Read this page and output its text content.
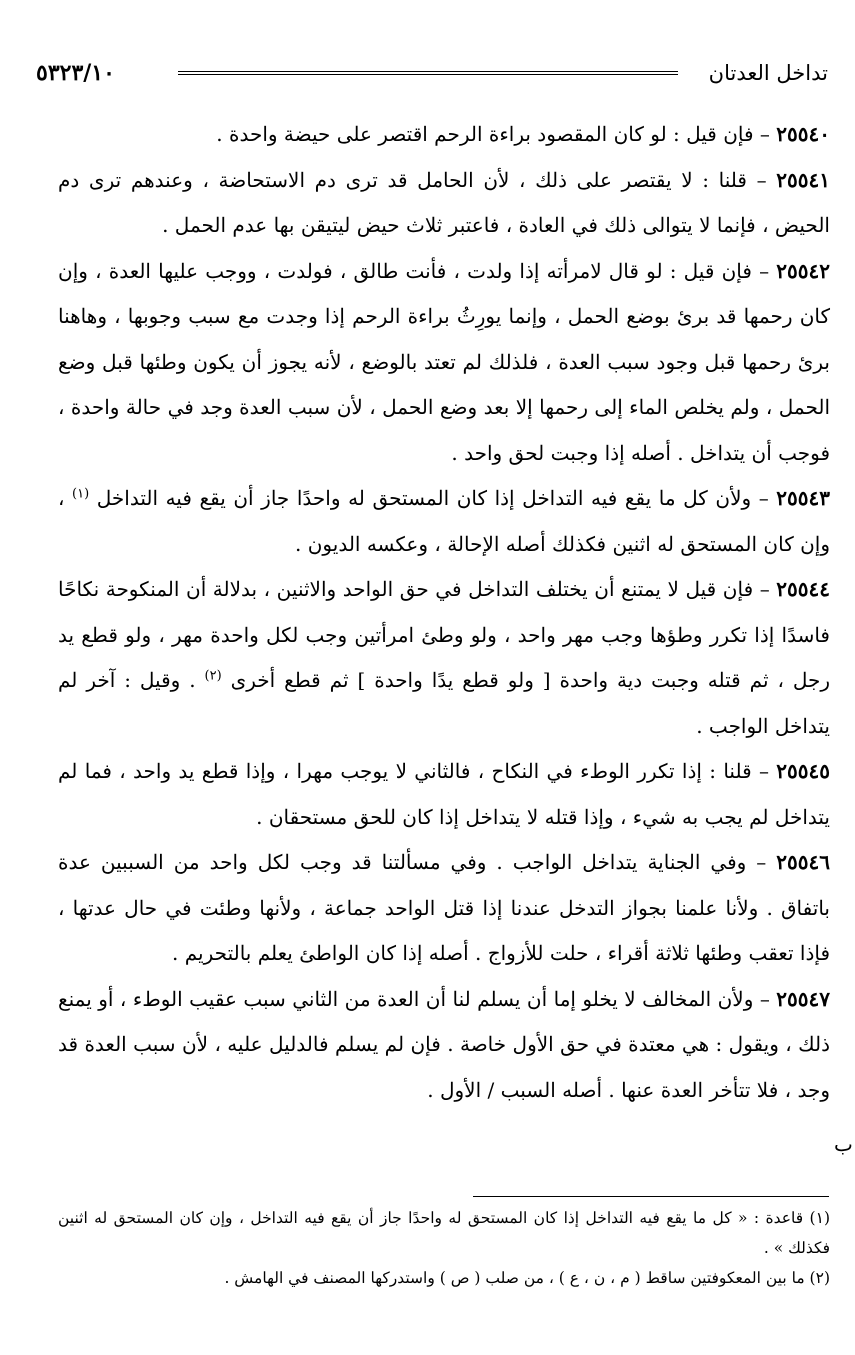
٥٣٢٣/١٠	تداخل العدتان

٢٥٥٤٠ – فإن قيل : لو كان المقصود براءة الرحم اقتصر على حيضة واحدة .

٢٥٥٤١ – قلنا : لا يقتصر على ذلك ، لأن الحامل قد ترى دم الاستحاضة ، وعندهم ترى دم الحيض ، فإنما لا يتوالى ذلك في العادة ، فاعتبر ثلاث حيض ليتيقن بها عدم الحمل .

٢٥٥٤٢ – فإن قيل : لو قال لامرأته إذا ولدت ، فأنت طالق ، فولدت ، ووجب عليها العدة ، وإن كان رحمها قد برئ بوضع الحمل ، وإنما يورِثُ براءة الرحم إذا وجدت مع سبب وجوبها ، وهاهنا برئ رحمها قبل وجود سبب العدة ، فلذلك لم تعتد بالوضع ، لأنه يجوز أن يكون وطئها قبل وضع الحمل ، ولم يخلص الماء إلى رحمها إلا بعد وضع الحمل ، لأن سبب العدة وجد في حالة واحدة ، فوجب أن يتداخل . أصله إذا وجبت لحق واحد .

٢٥٥٤٣ – ولأن كل ما يقع فيه التداخل إذا كان المستحق له واحدًا جاز أن يقع فيه التداخل $^{(١)}$ ، وإن كان المستحق له اثنين فكذلك أصله الإحالة ، وعكسه الديون .

٢٥٥٤٤ – فإن قيل لا يمتنع أن يختلف التداخل في حق الواحد والاثنين ، بدلالة أن المنكوحة نكاحًا فاسدًا إذا تكرر وطؤها وجب مهر واحد ، ولو وطئ امرأتين وجب لكل واحدة مهر ، ولو قطع يد رجل ، ثم قتله وجبت دية واحدة [ ولو قطع يدًا واحدة ] ثم قطع أخرى $^{(٢)}$ . وقيل : آخر لم يتداخل الواجب .

٢٥٥٤٥ – قلنا : إذا تكرر الوطء في النكاح ، فالثاني لا يوجب مهرا ، وإذا قطع يد واحد ، فما لم يتداخل لم يجب به شيء ، وإذا قتله لا يتداخل إذا كان للحق مستحقان .

٢٥٥٤٦ – وفي الجناية يتداخل الواجب . وفي مسألتنا قد وجب لكل واحد من السببين عدة باتفاق . ولأنا علمنا بجواز التدخل عندنا إذا قتل الواحد جماعة ، ولأنها وطئت في حال عدتها ، فإذا تعقب وطئها ثلاثة أقراء ، حلت للأزواج . أصله إذا كان الواطئ يعلم بالتحريم .

٢٥٥٤٧ – ولأن المخالف لا يخلو إما أن يسلم لنا أن العدة من الثاني سبب عقيب الوطء ، أو يمنع ذلك ، ويقول : هي معتدة في حق الأول خاصة . فإن لم يسلم فالدليل عليه ، لأن سبب العدة قد وجد ، فلا تتأخر العدة عنها . أصله السبب / الأول .

ب

(١) قاعدة : « كل ما يقع فيه التداخل إذا كان المستحق له واحدًا جاز أن يقع فيه التداخل ، وإن كان المستحق له اثنين فكذلك » .

(٢) ما بين المعكوفتين ساقط ( م ، ن ، ع ) ، من صلب ( ص ) واستدركها المصنف في الهامش .
